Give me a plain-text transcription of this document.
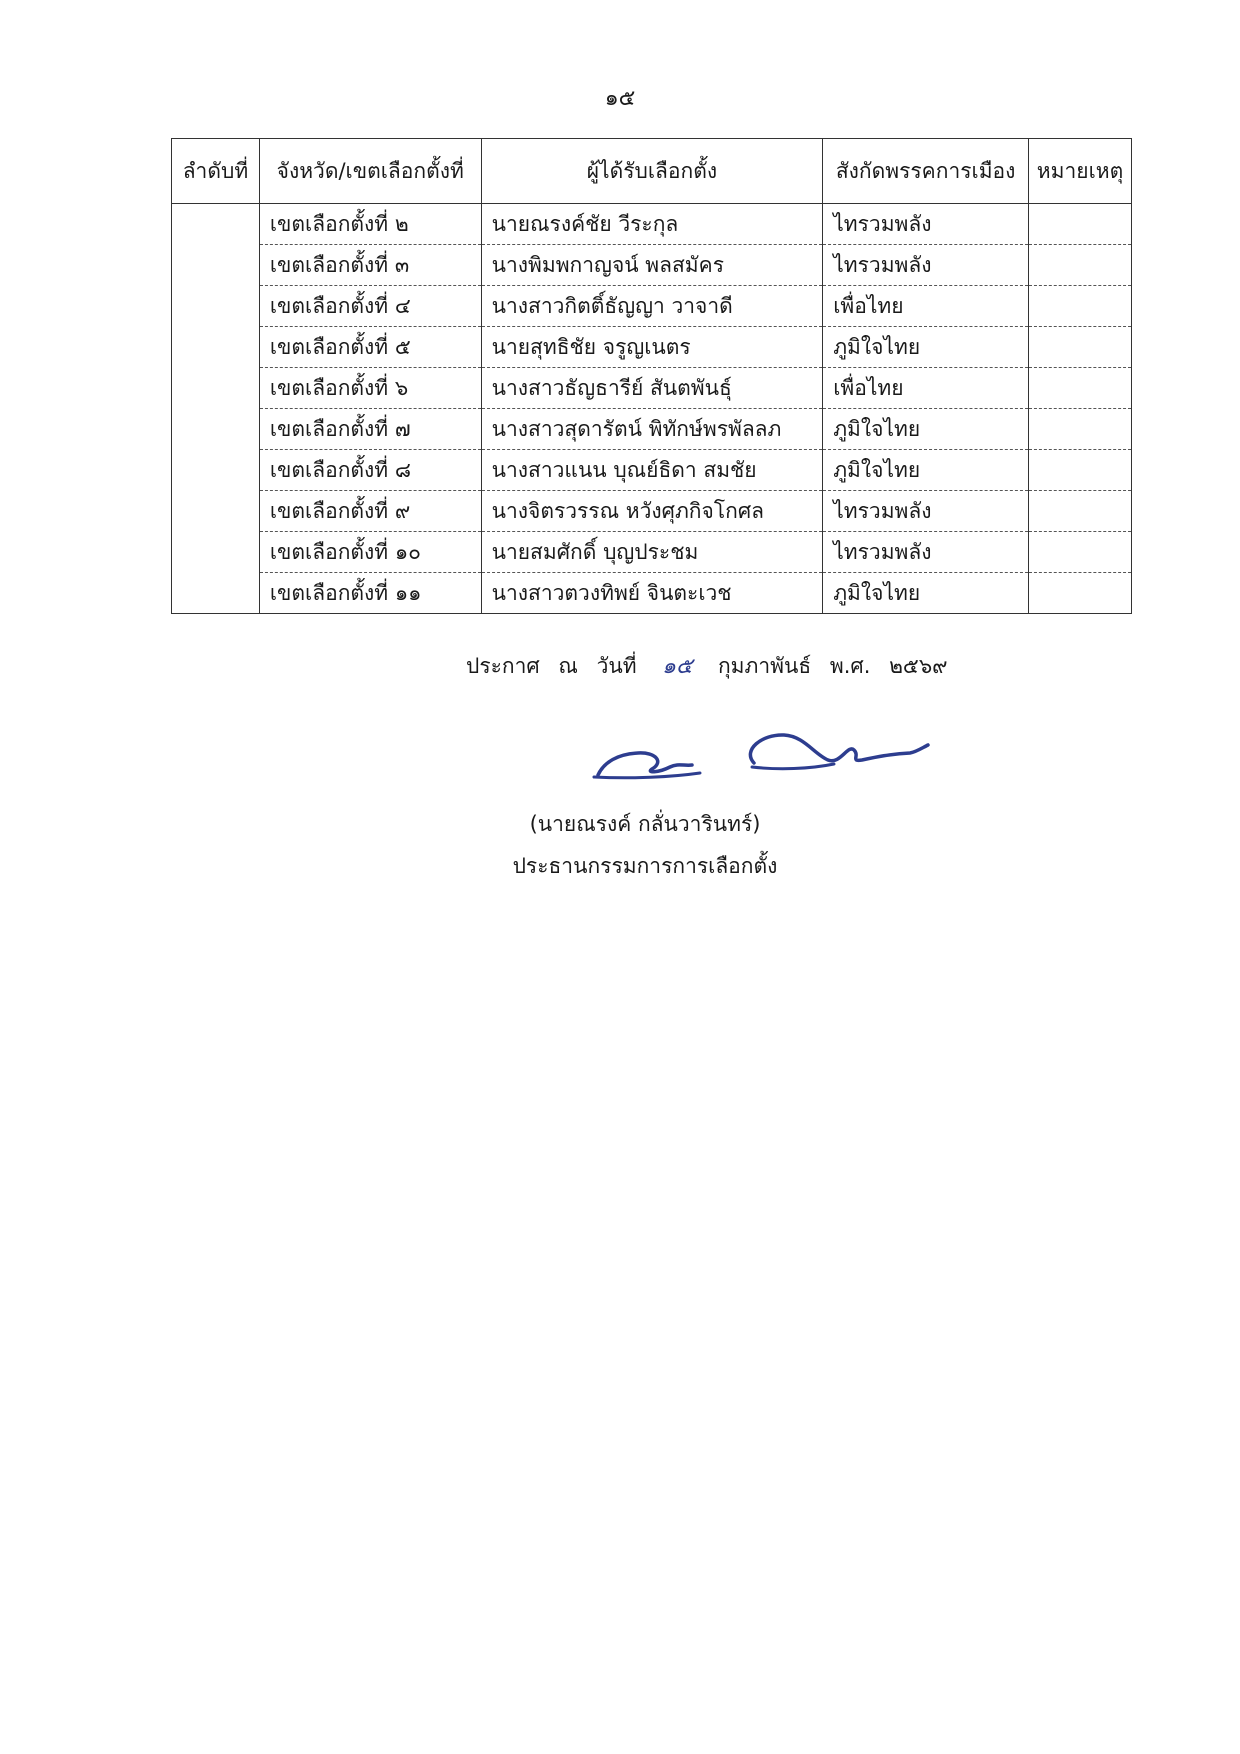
๑๕
ลำดับที่	จังหวัด/เขตเลือกตั้งที่	ผู้ได้รับเลือกตั้ง	สังกัดพรรคการเมือง	หมายเหตุ
	เขตเลือกตั้งที่ ๒	นายณรงค์ชัย วีระกุล	ไทรวมพลัง	
	เขตเลือกตั้งที่ ๓	นางพิมพกาญจน์ พลสมัคร	ไทรวมพลัง	
	เขตเลือกตั้งที่ ๔	นางสาวกิตติ์ธัญญา วาจาดี	เพื่อไทย	
	เขตเลือกตั้งที่ ๕	นายสุทธิชัย จรูญเนตร	ภูมิใจไทย	
	เขตเลือกตั้งที่ ๖	นางสาวธัญธารีย์ สันตพันธุ์	เพื่อไทย	
	เขตเลือกตั้งที่ ๗	นางสาวสุดารัตน์ พิทักษ์พรพัลลภ	ภูมิใจไทย	
	เขตเลือกตั้งที่ ๘	นางสาวแนน บุณย์ธิดา สมชัย	ภูมิใจไทย	
	เขตเลือกตั้งที่ ๙	นางจิตรวรรณ หวังศุภกิจโกศล	ไทรวมพลัง	
	เขตเลือกตั้งที่ ๑๐	นายสมศักดิ์ บุญประชม	ไทรวมพลัง	
	เขตเลือกตั้งที่ ๑๑	นางสาวตวงทิพย์ จินตะเวช	ภูมิใจไทย	
ประกาศ ณ วันที่ ๑๕ กุมภาพันธ์ พ.ศ. ๒๕๖๙
(นายณรงค์ กลั่นวารินทร์)
ประธานกรรมการการเลือกตั้ง
